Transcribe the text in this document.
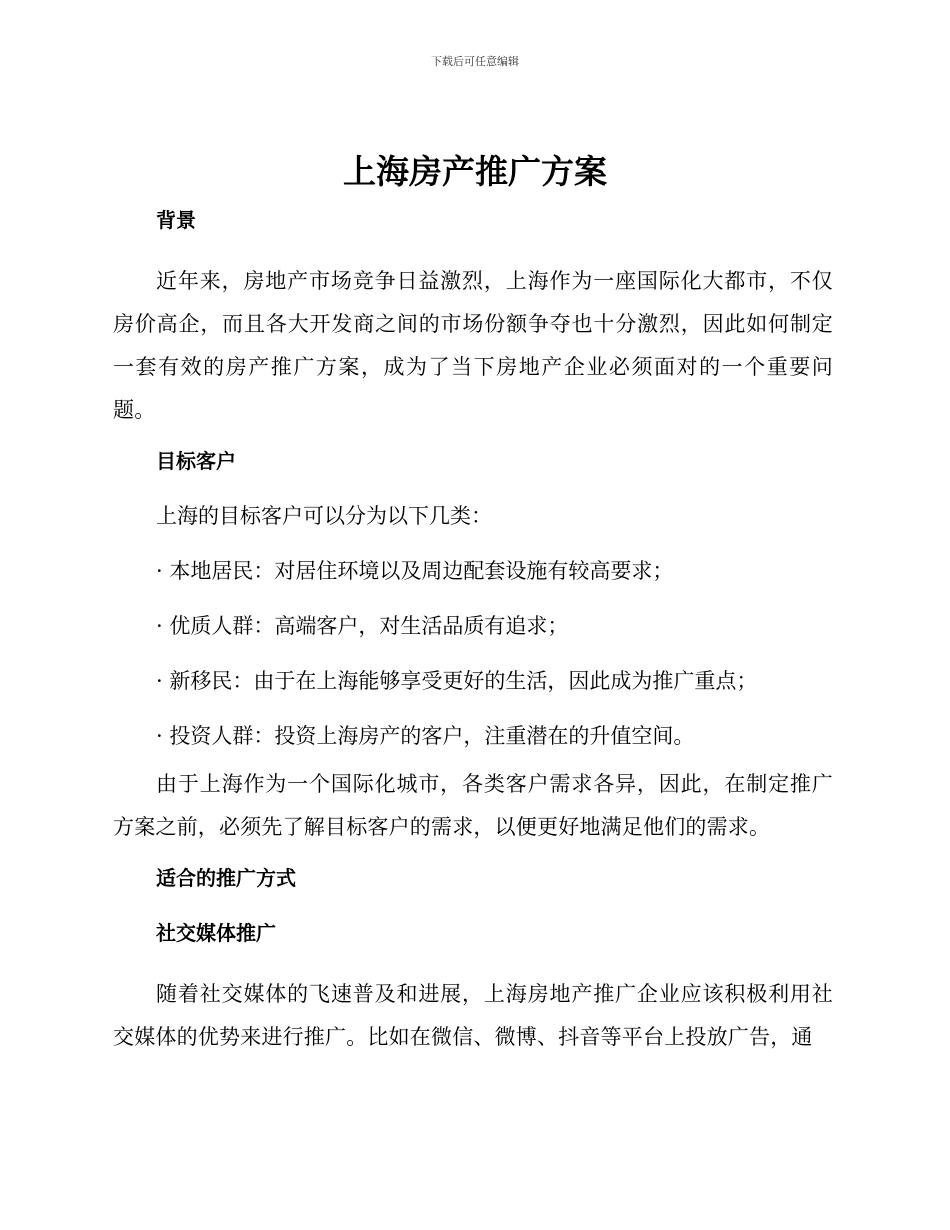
下载后可任意编辑
上海房产推广方案
背景

近年来，房地产市场竞争日益激烈，上海作为一座国际化大都市，不仅房价高企，而且各大开发商之间的市场份额争夺也十分激烈，因此如何制定一套有效的房产推广方案，成为了当下房地产企业必须面对的一个重要问题。

目标客户
上海的目标客户可以分为以下几类：
· 本地居民：对居住环境以及周边配套设施有较高要求；
· 优质人群：高端客户，对生活品质有追求；
· 新移民：由于在上海能够享受更好的生活，因此成为推广重点；
· 投资人群：投资上海房产的客户，注重潜在的升值空间。

由于上海作为一个国际化城市，各类客户需求各异，因此，在制定推广方案之前，必须先了解目标客户的需求，以便更好地满足他们的需求。

适合的推广方式
社交媒体推广

随着社交媒体的飞速普及和进展，上海房地产推广企业应该积极利用社交媒体的优势来进行推广。比如在微信、微博、抖音等平台上投放广告，通
